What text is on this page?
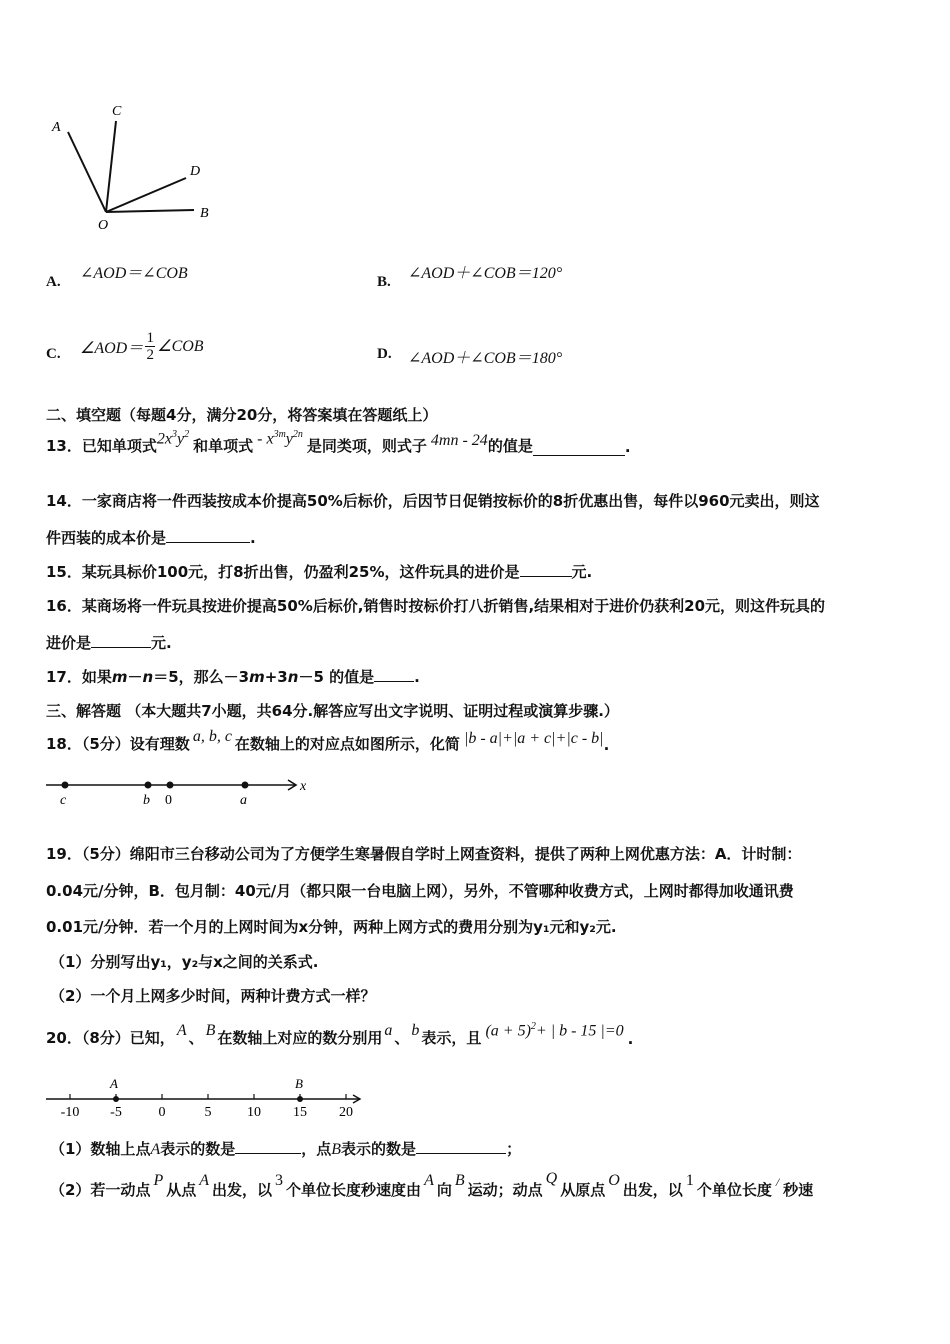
A
C
D
O
B
A. ∠AOD＝∠COB	B. ∠AOD＋∠COB＝120°
C. ∠AOD＝
1
2 ∠COB	D. ∠AOD＋∠COB＝180°
二、填空题（每题4分，满分20分，将答案填在答题纸上）
13． 已知单项式 $2x^3y^2$
和单项式 - $x^{3m}y^{2n}$
是同类项，则式子 4mn - 24 的值是	.
14．一家商店将一件西装按成本价提高50%后标价，后因节日促销按标价的8折优惠出售，每件以960元卖出，则这
件西装的成本价是	.
15．某玩具标价100元，打8折出售，仍盈利25%，这件玩具的进价是	元.
16．某商场将一件玩具按进价提高50%后标价,销售时按标价打八折销售,结果相对于进价仍获利20元，则这件玩具的
进价是	元.
17．如果m－n＝5，那么－3m+3n－5 的值是	.
三、解答题 （本大题共7小题，共64分.解答应写出文字说明、证明过程或演算步骤.）
18．（5分）设有理数 a, b, c 在数轴上的对应点如图所示，化简 |b - a|+|a + c|+|c - b| .
c	b 0	a
x
19．（5分）绵阳市三台移动公司为了方便学生寒暑假自学时上网查资料，提供了两种上网优惠方法：A．计时制：
0.04元/分钟，B．包月制：40元/月（都只限一台电脑上网），另外，不管哪种收费方式，上网时都得加收通讯费
0.01元/分钟．若一个月的上网时间为x分钟，两种上网方式的费用分别为y₁元和y₂元.
（1）分别写出y₁，y₂与x之间的关系式.
（2）一个月上网多少时间，两种计费方式一样？
20．（8分）已知， A 、 B 在数轴上对应的数分别用 a 、 b 表示，且 $(a + 5)^2+$ | b - 15 |=0 .
-10 -5	0	5	10 15 20
A	B
（1）数轴上点A表示的数是	，点B表示的数是	；
（2）若一动点
P
从点
A
出发，以
3
个单位长度秒速度由
A
向
B
运动；动点
Q
从原点
O
出发，以
1
个单位长度 / 秒速
